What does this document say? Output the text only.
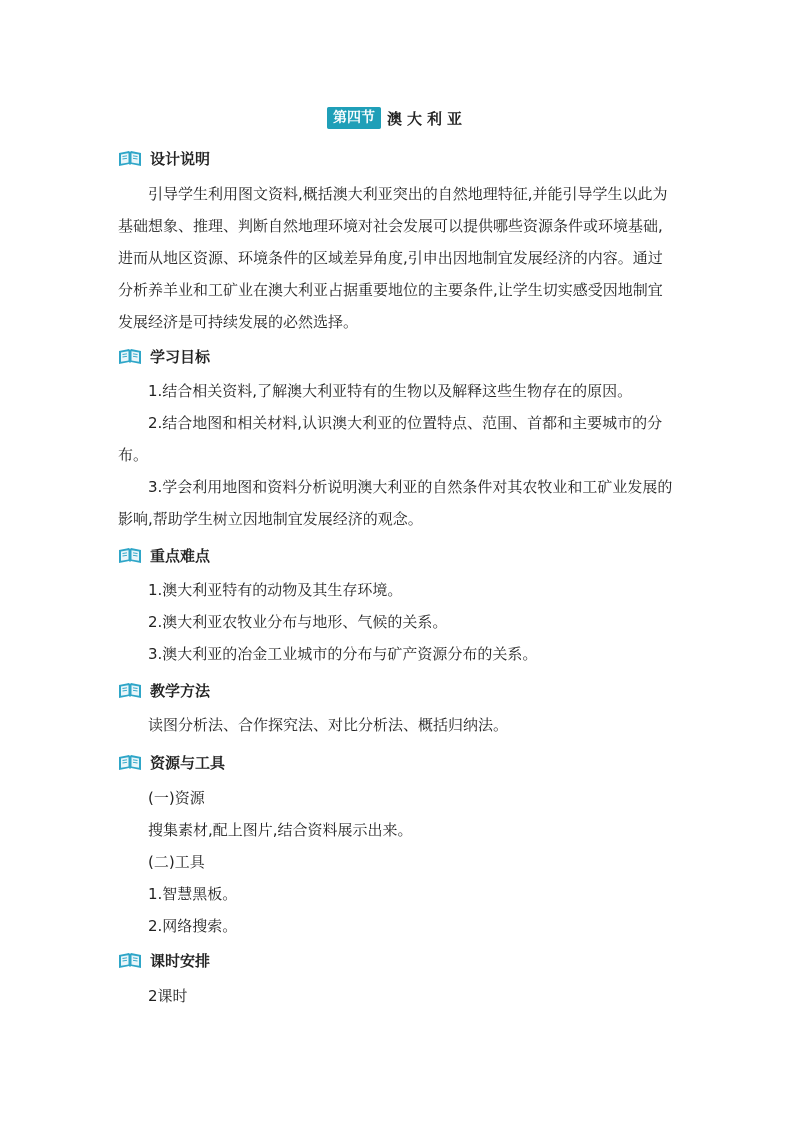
第四节 澳大利亚
设计说明
引导学生利用图文资料,概括澳大利亚突出的自然地理特征,并能引导学生以此为基础想象、推理、判断自然地理环境对社会发展可以提供哪些资源条件或环境基础,进而从地区资源、环境条件的区域差异角度,引申出因地制宜发展经济的内容。通过分析养羊业和工矿业在澳大利亚占据重要地位的主要条件,让学生切实感受因地制宜发展经济是可持续发展的必然选择。
学习目标
1.结合相关资料,了解澳大利亚特有的生物以及解释这些生物存在的原因。
2.结合地图和相关材料,认识澳大利亚的位置特点、范围、首都和主要城市的分布。
3.学会利用地图和资料分析说明澳大利亚的自然条件对其农牧业和工矿业发展的影响,帮助学生树立因地制宜发展经济的观念。
重点难点
1.澳大利亚特有的动物及其生存环境。
2.澳大利亚农牧业分布与地形、气候的关系。
3.澳大利亚的冶金工业城市的分布与矿产资源分布的关系。
教学方法
读图分析法、合作探究法、对比分析法、概括归纳法。
资源与工具
(一)资源
搜集素材,配上图片,结合资料展示出来。
(二)工具
1.智慧黑板。
2.网络搜索。
课时安排
2课时
